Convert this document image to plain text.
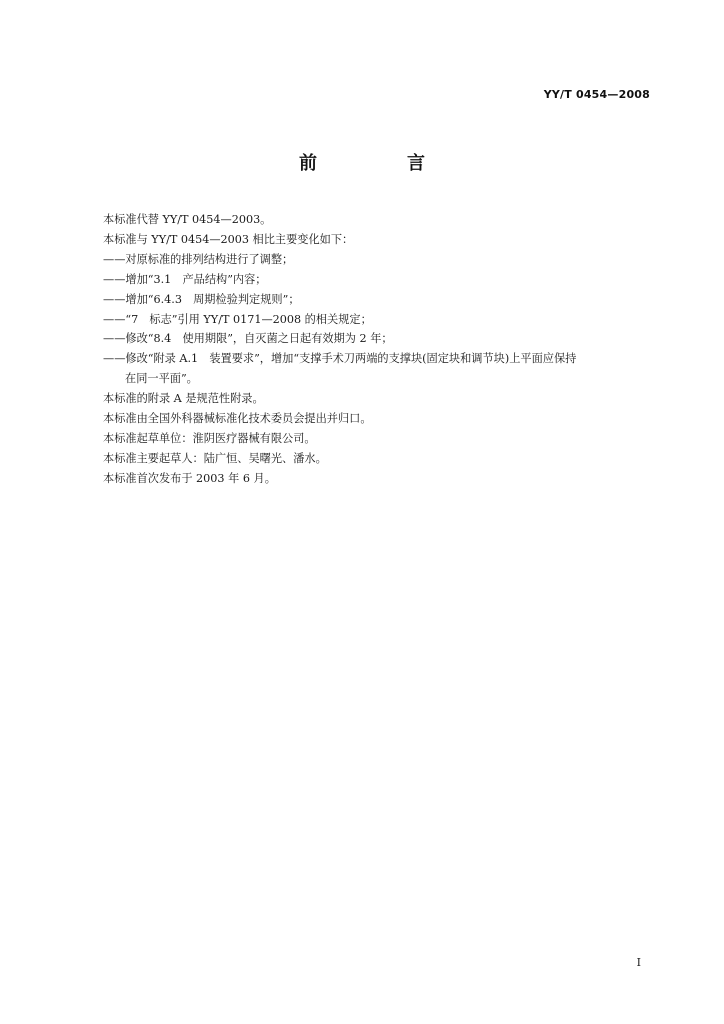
YY/T 0454—2008
前　言
本标准代替 YY/T 0454—2003。
本标准与 YY/T 0454—2003 相比主要变化如下：
——对原标准的排列结构进行了调整；
——增加“3.1　产品结构”内容；
——增加“6.4.3　周期检验判定规则”；
——“7　标志”引用 YY/T 0171—2008 的相关规定；
——修改“8.4　使用期限”，自灭菌之日起有效期为 2 年；
——修改“附录 A.1　装置要求”，增加“支撑手术刀两端的支撑块(固定块和调节块)上平面应保持
在同一平面”。
本标准的附录 A 是规范性附录。
本标准由全国外科器械标准化技术委员会提出并归口。
本标准起草单位：淮阴医疗器械有限公司。
本标准主要起草人：陆广恒、吴曙光、潘水。
本标准首次发布于 2003 年 6 月。
I
